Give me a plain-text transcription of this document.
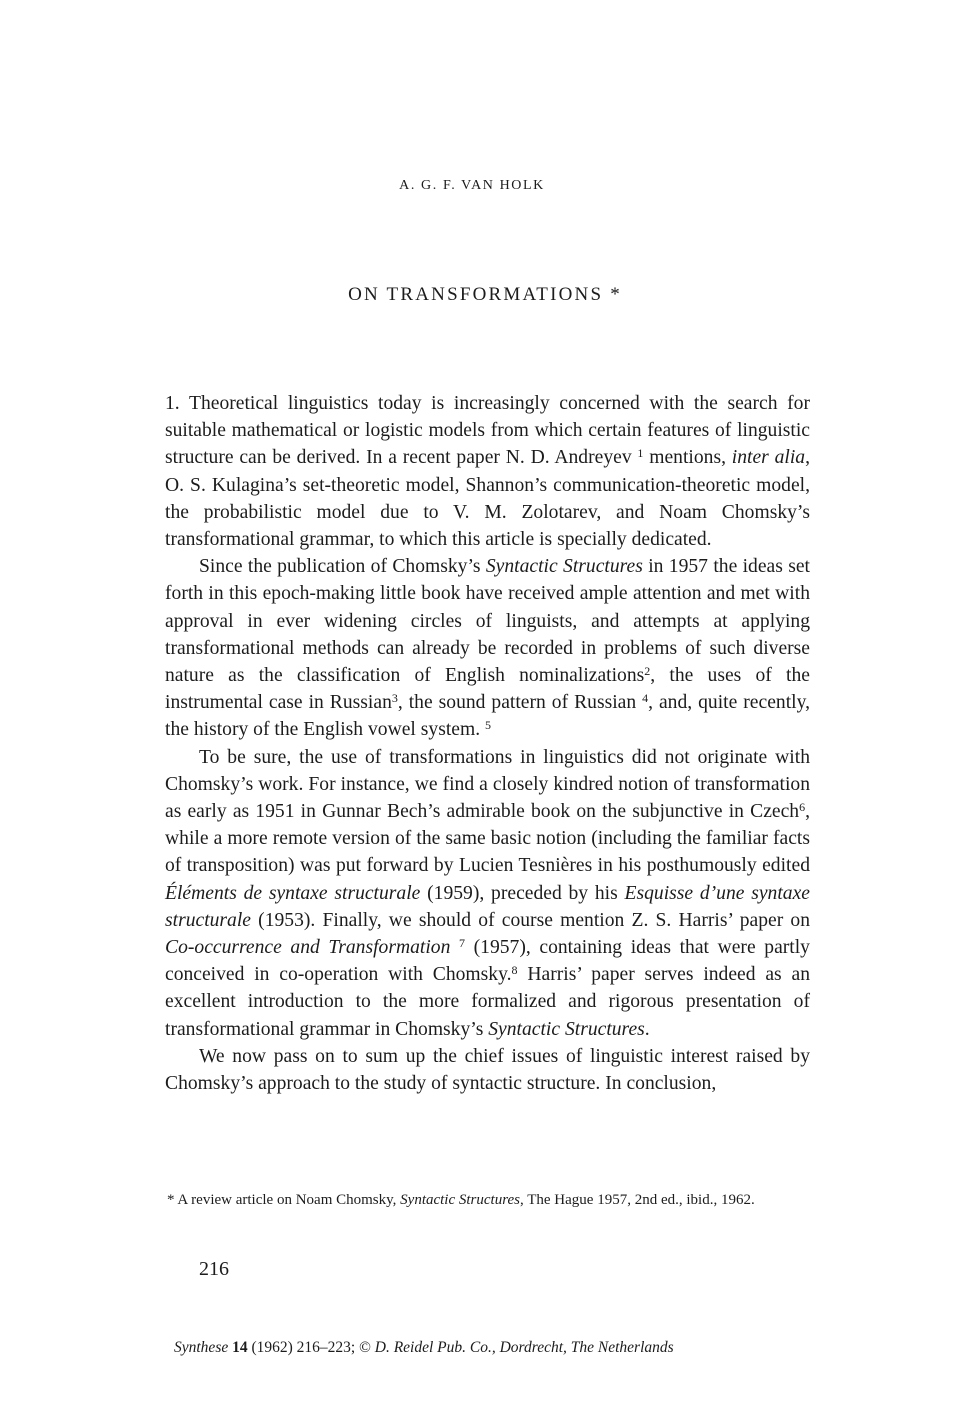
A. G. F. VAN HOLK
ON TRANSFORMATIONS *

1. Theoretical linguistics today is increasingly concerned with the search for suitable mathematical or logistic models from which certain features of linguistic structure can be derived. In a recent paper N. D. Andreyev $^1$ mentions, inter alia, O. S. Kulagina’s set-theoretic model, Shannon’s communication-theoretic model, the probabilistic model due to V. M. Zolotarev, and Noam Chomsky’s transformational grammar, to which this article is specially dedicated.

Since the publication of Chomsky’s Syntactic Structures in 1957 the ideas set forth in this epoch-making little book have received ample attention and met with approval in ever widening circles of linguists, and attempts at applying transformational methods can already be recorded in problems of such diverse nature as the classification of English nominalizations$^2$, the uses of the instrumental case in Russian$^3$, the sound pattern of Russian $^4$, and, quite recently, the history of the English vowel system. $^5$

To be sure, the use of transformations in linguistics did not originate with Chomsky’s work. For instance, we find a closely kindred notion of transformation as early as 1951 in Gunnar Bech’s admirable book on the subjunctive in Czech$^6$, while a more remote version of the same basic notion (including the familiar facts of transposition) was put forward by Lucien Tesnières in his posthumously edited Éléments de syntaxe structurale (1959), preceded by his Esquisse d’une syntaxe structurale (1953). Finally, we should of course mention Z. S. Harris’ paper on Co-occurrence and Transformation $^7$ (1957), containing ideas that were partly conceived in co-operation with Chomsky.$^8$ Harris’ paper serves indeed as an excellent introduction to the more formalized and rigorous presentation of transformational grammar in Chomsky’s Syntactic Structures.

We now pass on to sum up the chief issues of linguistic interest raised by Chomsky’s approach to the study of syntactic structure. In conclusion,

* A review article on Noam Chomsky, Syntactic Structures, The Hague 1957, 2nd ed., ibid., 1962.
216
Synthese 14 (1962) 216–223; © D. Reidel Pub. Co., Dordrecht, The Netherlands
